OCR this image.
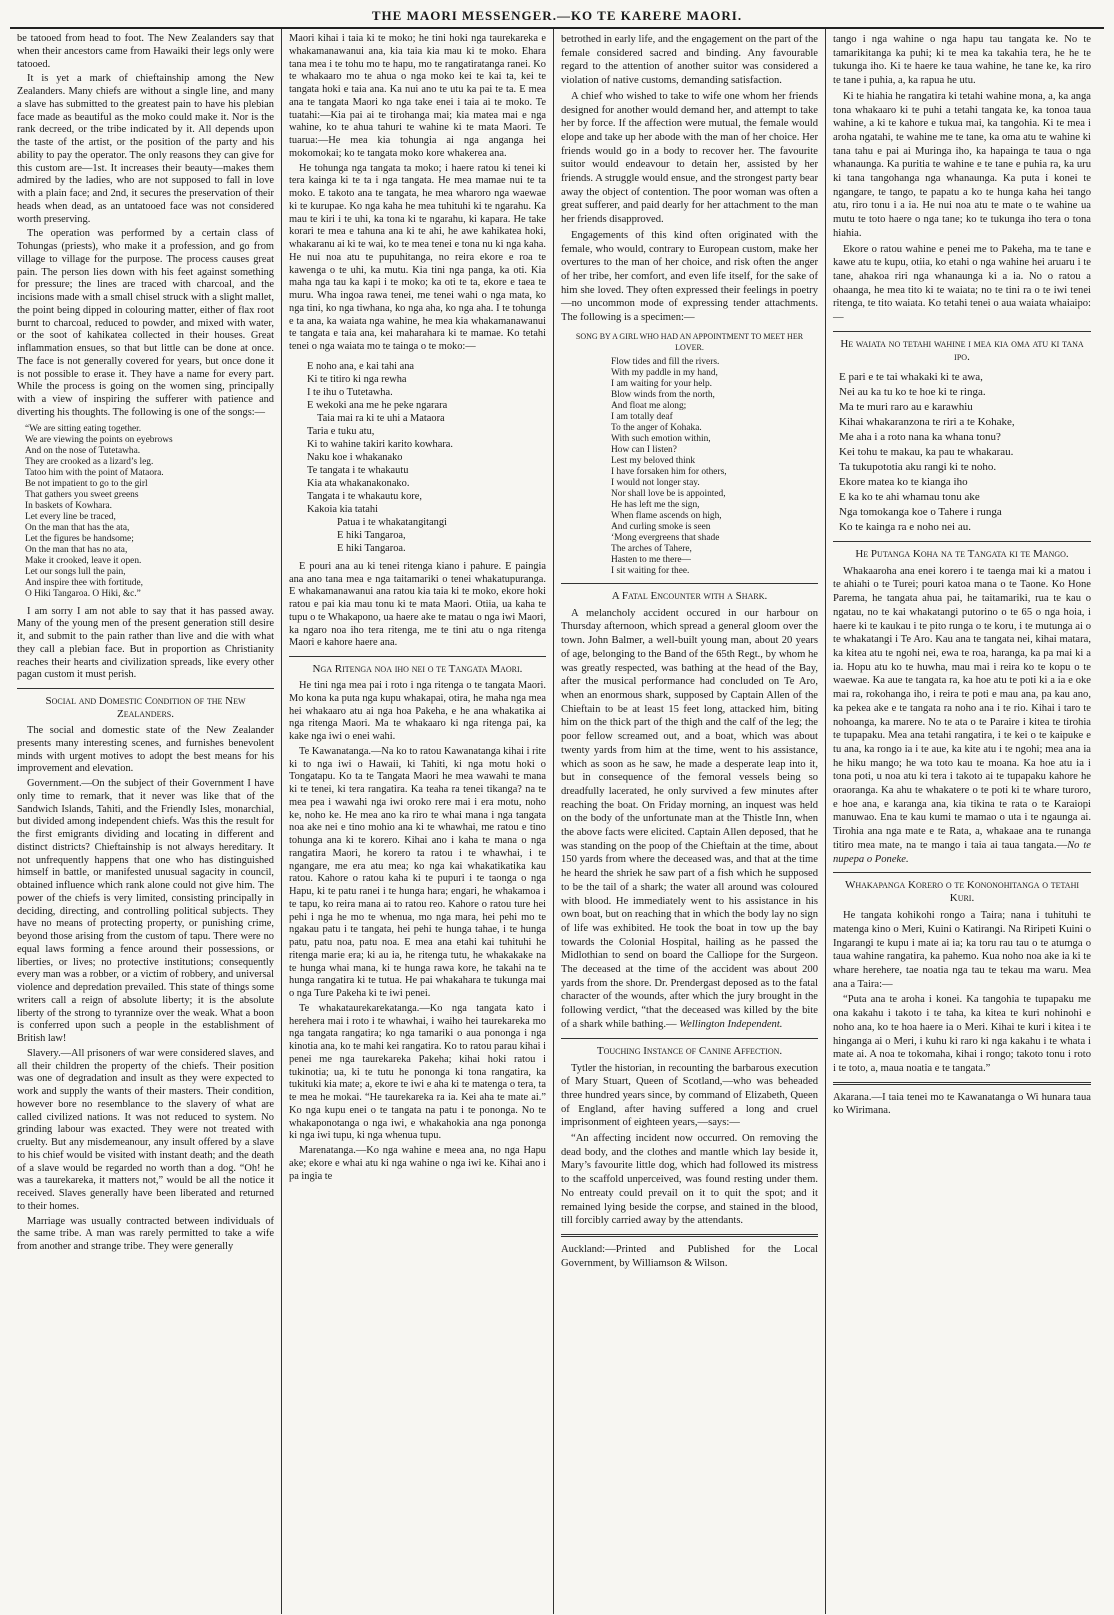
THE MAORI MESSENGER.—KO TE KARERE MAORI.

be tatooed from head to foot. The New Zealanders say that when their ancestors came from Hawaiki their legs only were tatooed.

It is yet a mark of chieftainship among the New Zealanders. Many chiefs are without a single line, and many a slave has submitted to the greatest pain to have his plebian face made as beautiful as the moko could make it. Nor is the rank decreed, or the tribe indicated by it. All depends upon the taste of the artist, or the position of the party and his ability to pay the operator. The only reasons they can give for this custom are—1st. It increases their beauty—makes them admired by the ladies, who are not supposed to fall in love with a plain face; and 2nd, it secures the preservation of their heads when dead, as an untatooed face was not considered worth preserving.

The operation was performed by a certain class of Tohungas (priests), who make it a profession, and go from village to village for the purpose. The process causes great pain. The person lies down with his feet against something for pressure; the lines are traced with charcoal, and the incisions made with a small chisel struck with a slight mallet, the point being dipped in colouring matter, either of flax root burnt to charcoal, reduced to powder, and mixed with water, or the soot of kahikatea collected in their houses. Great inflammation ensues, so that but little can be done at once. The face is not generally covered for years, but once done it is not possible to erase it. They have a name for every part. While the process is going on the women sing, principally with a view of inspiring the sufferer with patience and diverting his thoughts. The following is one of the songs:—

“We are sitting eating together.
We are viewing the points on eyebrows
And on the nose of Tutetawha.
They are crooked as a lizard’s leg.
Tatoo him with the point of Mataora.
Be not impatient to go to the girl
That gathers you sweet greens
In baskets of Kowhara.
Let every line be traced,
On the man that has the ata,
Let the figures be handsome;
On the man that has no ata,
Make it crooked, leave it open.
Let our songs lull the pain,
And inspire thee with fortitude,
O Hiki Tangaroa. O Hiki, &c.”

I am sorry I am not able to say that it has passed away. Many of the young men of the present generation still desire it, and submit to the pain rather than live and die with what they call a plebian face. But in proportion as Christianity reaches their hearts and civilization spreads, like every other pagan custom it must perish.

Social and Domestic Condition of the New Zealanders.

The social and domestic state of the New Zealander presents many interesting scenes, and furnishes benevolent minds with urgent motives to adopt the best means for his improvement and elevation.

Government.—On the subject of their Government I have only time to remark, that it never was like that of the Sandwich Islands, Tahiti, and the Friendly Isles, monarchial, but divided among independent chiefs. Was this the result for the first emigrants dividing and locating in different and distinct districts? Chieftainship is not always hereditary. It not unfrequently happens that one who has distinguished himself in battle, or manifested unusual sagacity in council, obtained influence which rank alone could not give him. The power of the chiefs is very limited, consisting principally in deciding, directing, and controlling political subjects. They have no means of protecting property, or punishing crime, beyond those arising from the custom of tapu. There were no equal laws forming a fence around their possessions, or liberties, or lives; no protective institutions; consequently every man was a robber, or a victim of robbery, and universal violence and depredation prevailed. This state of things some writers call a reign of absolute liberty; it is the absolute liberty of the strong to tyrannize over the weak. What a boon is conferred upon such a people in the establishment of British law!

Slavery.—All prisoners of war were considered slaves, and all their children the property of the chiefs. Their position was one of degradation and insult as they were expected to work and supply the wants of their masters. Their condition, however bore no resemblance to the slavery of what are called civilized nations. It was not reduced to system. No grinding labour was exacted. They were not treated with cruelty. But any misdemeanour, any insult offered by a slave to his chief would be visited with instant death; and the death of a slave would be regarded no worth than a dog. “Oh! he was a taurekareka, it matters not,” would be all the notice it received. Slaves generally have been liberated and returned to their homes.

Marriage was usually contracted between individuals of the same tribe. A man was rarely permitted to take a wife from another and strange tribe. They were generally

Maori kihai i taia ki te moko; he tini hoki nga taurekareka e whakamanawanui ana, kia taia kia mau ki te moko. Ehara tana mea i te tohu mo te hapu, mo te rangatiratanga ranei. Ko te whakaaro mo te ahua o nga moko kei te kai ta, kei te tangata hoki e taia ana. Ka nui ano te utu ka pai te ta. E mea ana te tangata Maori ko nga take enei i taia ai te moko. Te tuatahi:—Kia pai ai te tirohanga mai; kia matea mai e nga wahine, ko te ahua tahuri te wahine ki te mata Maori. Te tuarua:—He mea kia tohungia ai nga anganga hei mokomokai; ko te tangata moko kore whakerea ana.

He tohunga nga tangata ta moko; i haere ratou ki tenei ki tera kainga ki te ta i nga tangata. He mea mamae nui te ta moko. E takoto ana te tangata, he mea wharoro nga waewae ki te kurupae. Ko nga kaha he mea tuhituhi ki te ngarahu. Ka mau te kiri i te uhi, ka tona ki te ngarahu, ki kapara. He take korari te mea e tahuna ana ki te ahi, he awe kahikatea hoki, whakaranu ai ki te wai, ko te mea tenei e tona nu ki nga kaha. He nui noa atu te pupuhitanga, no reira ekore e roa te kawenga o te uhi, ka mutu. Kia tini nga panga, ka oti. Kia maha nga tau ka kapi i te moko; ka oti te ta, ekore e taea te muru. Wha ingoa rawa tenei, me tenei wahi o nga mata, ko nga tini, ko nga tiwhana, ko nga aha, ko nga aha. I te tohunga e ta ana, ka waiata nga wahine, he mea kia whakamanawanui te tangata e taia ana, kei maharahara ki te mamae. Ko tetahi tenei o nga waiata mo te tainga o te moko:—

E noho ana, e kai tahi ana
Ki te titiro ki nga rewha
I te ihu o Tutetawha.
E wekoki ana me he peke ngarara
Taia mai ra ki te uhi a Mataora
Taria e tuku atu,
Ki to wahine takiri karito kowhara.
Naku koe i whakanako
Te tangata i te whakautu
Kia ata whakanakonako.
Tangata i te whakautu kore,
Kakoia kia tatahi
Patua i te whakatangitangi
E hiki Tangaroa,
E hiki Tangaroa.

E pouri ana au ki tenei ritenga kiano i pahure. E paingia ana ano tana mea e nga taitamariki o tenei whakatupuranga. E whakamanawanui ana ratou kia taia ki te moko, ekore hoki ratou e pai kia mau tonu ki te mata Maori. Otiia, ua kaha te tupu o te Whakapono, ua haere ake te matau o nga iwi Maori, ka ngaro noa iho tera ritenga, me te tini atu o nga ritenga Maori e kahore haere ana.

Nga Ritenga noa iho nei o te Tangata Maori.

He tini nga mea pai i roto i nga ritenga o te tangata Maori. Mo kona ka puta nga kupu whakapai, otira, he maha nga mea hei whakaaro atu ai nga hoa Pakeha, e he ana whakatika ai nga ritenga Maori. Ma te whakaaro ki nga ritenga pai, ka kake nga iwi o enei wahi.

Te Kawanatanga.—Na ko to ratou Kawanatanga kihai i rite ki to nga iwi o Hawaii, ki Tahiti, ki nga motu hoki o Tongatapu. Ko ta te Tangata Maori he mea wawahi te mana ki te tenei, ki tera rangatira. Ka teaha ra tenei tikanga? na te mea pea i wawahi nga iwi oroko rere mai i era motu, noho ke, noho ke. He mea ano ka riro te whai mana i nga tangata noa ake nei e tino mohio ana ki te whawhai, me ratou e tino tohunga ana ki te korero. Kihai ano i kaha te mana o nga rangatira Maori, he korero ta ratou i te whawhai, i te ngangare, me era atu mea; ko nga kai whakatikatika kau ratou. Kahore o ratou kaha ki te pupuri i te taonga o nga Hapu, ki te patu ranei i te hunga hara; engari, he whakamoa i te tapu, ko reira mana ai to ratou reo. Kahore o ratou ture hei pehi i nga he mo te whenua, mo nga mara, hei pehi mo te ngakau patu i te tangata, hei pehi te hunga tahae, i te hunga patu, patu noa, patu noa. E mea ana etahi kai tuhituhi he ritenga marie era; ki au ia, he ritenga tutu, he whakakake na te hunga whai mana, ki te hunga rawa kore, he takahi na te hunga rangatira ki te tutua. He pai whakahara te tukunga mai o nga Ture Pakeha ki te iwi penei.

Te whakataurekarekatanga.—Ko nga tangata kato i herehera mai i roto i te whawhai, i waiho hei taurekareka mo nga tangata rangatira; ko nga tamariki o aua pononga i nga kinotia ana, ko te mahi kei rangatira. Ko to ratou parau kihai i penei me nga taurekareka Pakeha; kihai hoki ratou i tukinotia; ua, ki te tutu he pononga ki tona rangatira, ka tukituki kia mate; a, ekore te iwi e aha ki te matenga o tera, ta te mea he mokai. “He taurekareka ra ia. Kei aha te mate ai.” Ko nga kupu enei o te tangata na patu i te pononga. No te whakaponotanga o nga iwi, e whakahokia ana nga pononga ki nga iwi tupu, ki nga whenua tupu.

Marenatanga.—Ko nga wahine e meea ana, no nga Hapu ake; ekore e whai atu ki nga wahine o nga iwi ke. Kihai ano i pa ingia te

betrothed in early life, and the engagement on the part of the female considered sacred and binding. Any favourable regard to the attention of another suitor was considered a violation of native customs, demanding satisfaction.

A chief who wished to take to wife one whom her friends designed for another would demand her, and attempt to take her by force. If the affection were mutual, the female would elope and take up her abode with the man of her choice. Her friends would go in a body to recover her. The favourite suitor would endeavour to detain her, assisted by her friends. A struggle would ensue, and the strongest party bear away the object of contention. The poor woman was often a great sufferer, and paid dearly for her attachment to the man her friends disapproved.

Engagements of this kind often originated with the female, who would, contrary to European custom, make her overtures to the man of her choice, and risk often the anger of her tribe, her comfort, and even life itself, for the sake of him she loved. They often expressed their feelings in poetry—no uncommon mode of expressing tender attachments. The following is a specimen:—

SONG BY A GIRL WHO HAD AN APPOINTMENT TO MEET HER LOVER.
Flow tides and fill the rivers.
With my paddle in my hand,
I am waiting for your help.
Blow winds from the north,
And float me along;
I am totally deaf
To the anger of Kohaka.
With such emotion within,
How can I listen?
Lest my beloved think
I have forsaken him for others,
I would not longer stay.
Nor shall love be is appointed,
He has left me the sign,
When flame ascends on high,
And curling smoke is seen
‘Mong evergreens that shade
The arches of Tahere,
Hasten to me there—
I sit waiting for thee.
A Fatal Encounter with a Shark.

A melancholy accident occured in our harbour on Thursday afternoon, which spread a general gloom over the town. John Balmer, a well-built young man, about 20 years of age, belonging to the Band of the 65th Regt., by whom he was greatly respected, was bathing at the head of the Bay, after the musical performance had concluded on Te Aro, when an enormous shark, supposed by Captain Allen of the Chieftain to be at least 15 feet long, attacked him, biting him on the thick part of the thigh and the calf of the leg; the poor fellow screamed out, and a boat, which was about twenty yards from him at the time, went to his assistance, which as soon as he saw, he made a desperate leap into it, but in consequence of the femoral vessels being so dreadfully lacerated, he only survived a few minutes after reaching the boat. On Friday morning, an inquest was held on the body of the unfortunate man at the Thistle Inn, when the above facts were elicited. Captain Allen deposed, that he was standing on the poop of the Chieftain at the time, about 150 yards from where the deceased was, and that at the time he heard the shriek he saw part of a fish which he supposed to be the tail of a shark; the water all around was coloured with blood. He immediately went to his assistance in his own boat, but on reaching that in which the body lay no sign of life was exhibited. He took the boat in tow up the bay towards the Colonial Hospital, hailing as he passed the Midlothian to send on board the Calliope for the Surgeon. The deceased at the time of the accident was about 200 yards from the shore. Dr. Prendergast deposed as to the fatal character of the wounds, after which the jury brought in the following verdict, “that the deceased was killed by the bite of a shark while bathing.— Wellington Independent.

Touching Instance of Canine Affection.

Tytler the historian, in recounting the barbarous execution of Mary Stuart, Queen of Scotland,—who was beheaded three hundred years since, by command of Elizabeth, Queen of England, after having suffered a long and cruel imprisonment of eighteen years,—says:—

“An affecting incident now occurred. On removing the dead body, and the clothes and mantle which lay beside it, Mary’s favourite little dog, which had followed its mistress to the scaffold unperceived, was found resting under them. No entreaty could prevail on it to quit the spot; and it remained lying beside the corpse, and stained in the blood, till forcibly carried away by the attendants.

Auckland:—Printed and Published for the Local Government, by Williamson & Wilson.

tango i nga wahine o nga hapu tau tangata ke. No te tamarikitanga ka puhi; ki te mea ka takahia tera, he he te tukunga iho. Ki te haere ke taua wahine, he tane ke, ka riro te tane i puhia, a, ka rapua he utu.

Ki te hiahia he rangatira ki tetahi wahine mona, a, ka anga tona whakaaro ki te puhi a tetahi tangata ke, ka tonoa taua wahine, a ki te kahore e tukua mai, ka tangohia. Ki te mea i aroha ngatahi, te wahine me te tane, ka oma atu te wahine ki tana tahu e pai ai Muringa iho, ka hapainga te taua o nga whanaunga. Ka puritia te wahine e te tane e puhia ra, ka uru ki tana tangohanga nga whanaunga. Ka puta i konei te ngangare, te tango, te papatu a ko te hunga kaha hei tango atu, riro tonu i a ia. He nui noa atu te mate o te wahine ua mutu te toto haere o nga tane; ko te tukunga iho tera o tona hiahia.

Ekore o ratou wahine e penei me to Pakeha, ma te tane e kawe atu te kupu, otiia, ko etahi o nga wahine hei aruaru i te tane, ahakoa riri nga whanaunga ki a ia. No o ratou a ohaanga, he mea tito ki te waiata; no te tini ra o te iwi tenei ritenga, te tito waiata. Ko tetahi tenei o aua waiata whaiaipo:—

He waiata no tetahi wahine i mea kia oma atu ki tana ipo.
E pari e te tai whakaki ki te awa,
Nei au ka tu ko te hoe ki te ringa.
Ma te muri raro au e karawhiu
Kihai whakaranzona te riri a te Kohake,
Me aha i a roto nana ka whana tonu?
Kei tohu te makau, ka pau te whakarau.
Ta tukupototia aku rangi ki te noho.
Ekore matea ko te kianga iho
E ka ko te ahi whamau tonu ake
Nga tomokanga koe o Tahere i runga
Ko te kainga ra e noho nei au.
He Putanga Koha na te Tangata ki te Mango.

Whakaaroha ana enei korero i te taenga mai ki a matou i te ahiahi o te Turei; pouri katoa mana o te Taone. Ko Hone Parema, he tangata ahua pai, he taitamariki, rua te kau o ngatau, no te kai whakatangi putorino o te 65 o nga hoia, i haere ki te kaukau i te pito runga o te koru, i te mutunga ai o te whakatangi i Te Aro. Kau ana te tangata nei, kihai matara, ka kitea atu te ngohi nei, ewa te roa, haranga, ka pa mai ki a ia. Hopu atu ko te huwha, mau mai i reira ko te kopu o te waewae. Ka aue te tangata ra, ka hoe atu te poti ki a ia e oke mai ra, rokohanga iho, i reira te poti e mau ana, pa kau ano, ka pekea ake e te tangata ra noho ana i te rio. Kihai i taro te nohoanga, ka marere. No te ata o te Paraire i kitea te tirohia te tupapaku. Mea ana tetahi rangatira, i te kei o te kaipuke e tu ana, ka rongo ia i te aue, ka kite atu i te ngohi; mea ana ia he hiku mango; he wa toto kau te moana. Ka hoe atu ia i tona poti, u noa atu ki tera i takoto ai te tupapaku kahore he oraoranga. Ka ahu te whakatere o te poti ki te whare turoro, e hoe ana, e karanga ana, kia tikina te rata o te Karaiopi manuwao. Ena te kau kumi te mamao o uta i te ngaunga ai. Tirohia ana nga mate e te Rata, a, whakaae ana te runanga titiro mea mate, na te mango i taia ai taua tangata.—No te nupepa o Poneke.

Whakapanga Korero o te Kononohitanga o tetahi Kuri.

He tangata kohikohi rongo a Taira; nana i tuhituhi te matenga kino o Meri, Kuini o Katirangi. Na Riripeti Kuini o Ingarangi te kupu i mate ai ia; ka toru rau tau o te atumga o taua wahine rangatira, ka pahemo. Kua noho noa ake ia ki te whare herehere, tae noatia nga tau te tekau ma waru. Mea ana a Taira:—

“Puta ana te aroha i konei. Ka tangohia te tupapaku me ona kakahu i takoto i te taha, ka kitea te kuri nohinohi e noho ana, ko te hoa haere ia o Meri. Kihai te kuri i kitea i te hinganga ai o Meri, i kuhu ki raro ki nga kakahu i te whata i mate ai. A noa te tokomaha, kihai i rongo; takoto tonu i roto i te toto, a, maua noatia e te tangata.”

Akarana.—I taia tenei mo te Kawanatanga o Wi hunara taua ko Wirimana.
